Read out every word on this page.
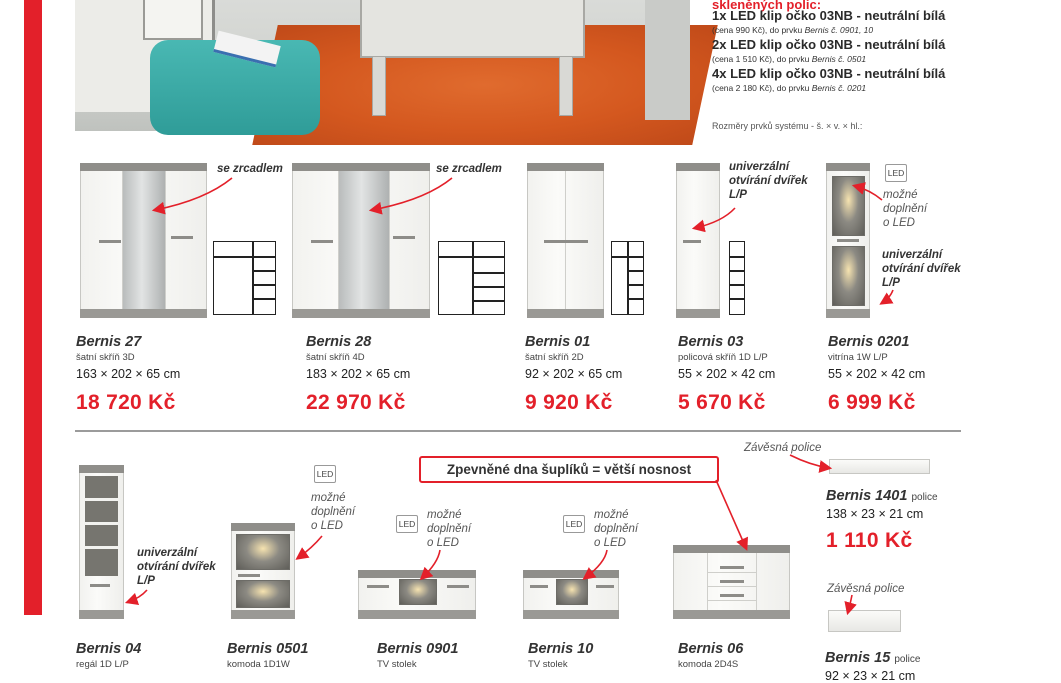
skleněných polic:
1x LED klip očko 03NB - neutrální bílá
(cena 990 Kč), do prvku Bernis č. 0901, 10
2x LED klip očko 03NB - neutrální bílá
(cena 1 510 Kč), do prvku Bernis č. 0501
4x LED klip očko 03NB - neutrální bílá
(cena 2 180 Kč), do prvku Bernis č. 0201
Rozměry prvků systému - š. × v. × hl.:
se zrcadlem	se zrcadlem	univerzální
otvírání dvířek
L/P
LED
možné
doplnění
o LED
univerzální
otvírání dvířek
L/P
Bernis 27
šatní skříň 3D
163 × 202 × 65 cm
18 720 Kč
Bernis 28
šatní skříň 4D
183 × 202 × 65 cm
22 970 Kč
Bernis 01
šatní skříň 2D
92 × 202 × 65 cm
9 920 Kč
Bernis 03
policová skříň 1D L/P
55 × 202 × 42 cm
5 670 Kč
Bernis 0201
vitrína 1W L/P
55 × 202 × 42 cm
6 999 Kč
Zpevněné dna šuplíků = větší nosnost
univerzální
otvírání dvířek
L/P
LED
možné
doplnění
o LED	LED
možné
doplnění
o LED
LED
možné
doplnění
o LED
Bernis 04
regál 1D L/P
Bernis 0501
komoda 1D1W
Bernis 0901
TV stolek
Bernis 10
TV stolek
Bernis 06
komoda 2D4S
Závěsná police
Bernis 1401 police
138 × 23 × 21 cm
1 110 Kč
Závěsná police
Bernis 15 police
92 × 23 × 21 cm
